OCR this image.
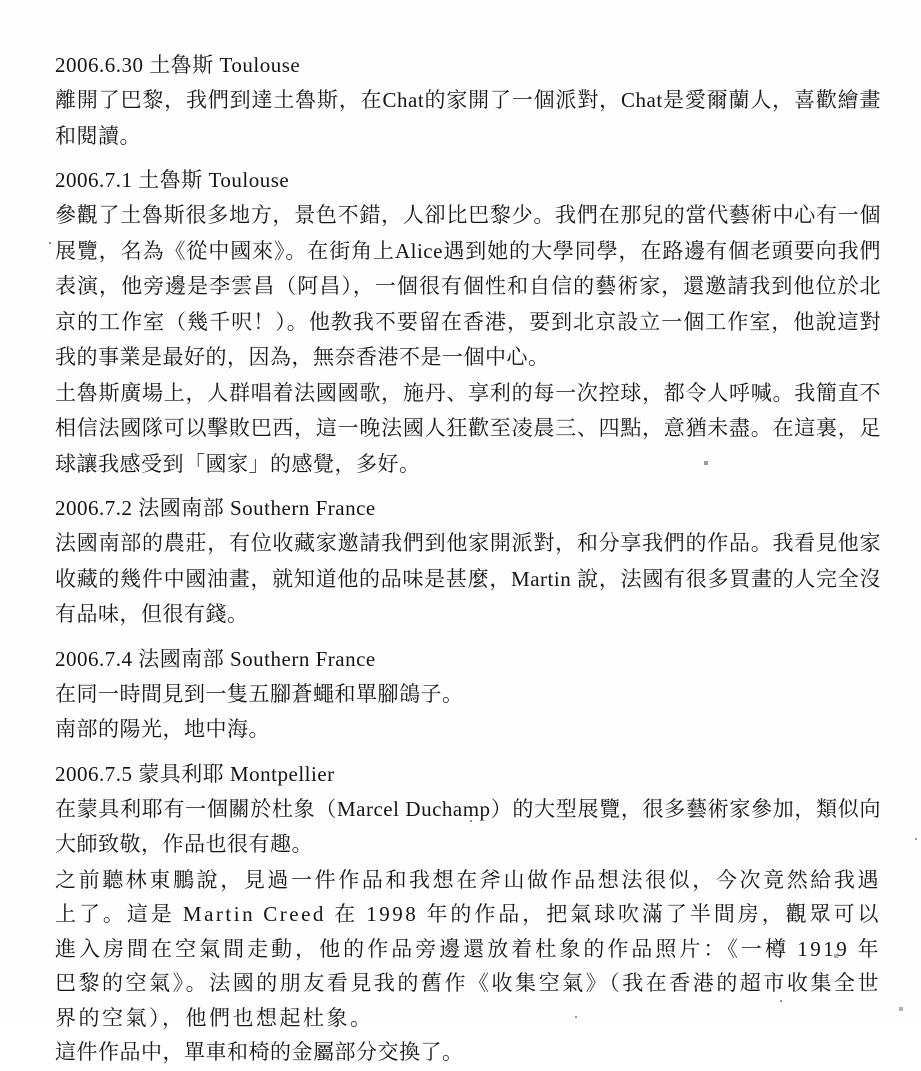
2006.6.30 土魯斯 Toulouse

離開了巴黎，我們到達土魯斯，在Chat的家開了一個派對，Chat是愛爾蘭人，喜歡繪畫和閱讀。

2006.7.1 土魯斯 Toulouse

參觀了土魯斯很多地方，景色不錯，人卻比巴黎少。我們在那兒的當代藝術中心有一個展覽，名為《從中國來》。在街角上Alice遇到她的大學同學，在路邊有個老頭要向我們表演，他旁邊是李雲昌（阿昌），一個很有個性和自信的藝術家，還邀請我到他位於北京的工作室（幾千呎！）。他教我不要留在香港，要到北京設立一個工作室，他說這對我的事業是最好的，因為，無奈香港不是一個中心。

土魯斯廣場上，人群唱着法國國歌，施丹、享利的每一次控球，都令人呼喊。我簡直不相信法國隊可以擊敗巴西，這一晚法國人狂歡至凌晨三、四點，意猶未盡。在這裏，足球讓我感受到「國家」的感覺，多好。

2006.7.2 法國南部 Southern France

法國南部的農莊，有位收藏家邀請我們到他家開派對，和分享我們的作品。我看見他家收藏的幾件中國油畫，就知道他的品味是甚麼，Martin 說，法國有很多買畫的人完全沒有品味，但很有錢。

2006.7.4 法國南部 Southern France

在同一時間見到一隻五腳蒼蠅和單腳鴿子。

南部的陽光，地中海。

2006.7.5 蒙具利耶 Montpellier

在蒙具利耶有一個關於杜象（Marcel Duchamp）的大型展覽，很多藝術家參加，類似向大師致敬，作品也很有趣。

之前聽林東鵬說，見過一件作品和我想在斧山做作品想法很似，今次竟然給我遇上了。這是 Martin Creed 在 1998 年的作品，把氣球吹滿了半間房，觀眾可以進入房間在空氣間走動，他的作品旁邊還放着杜象的作品照片：《一樽 1919 年巴黎的空氣》。法國的朋友看見我的舊作《收集空氣》（我在香港的超市收集全世界的空氣），他們也想起杜象。

這件作品中，單車和椅的金屬部分交換了。
